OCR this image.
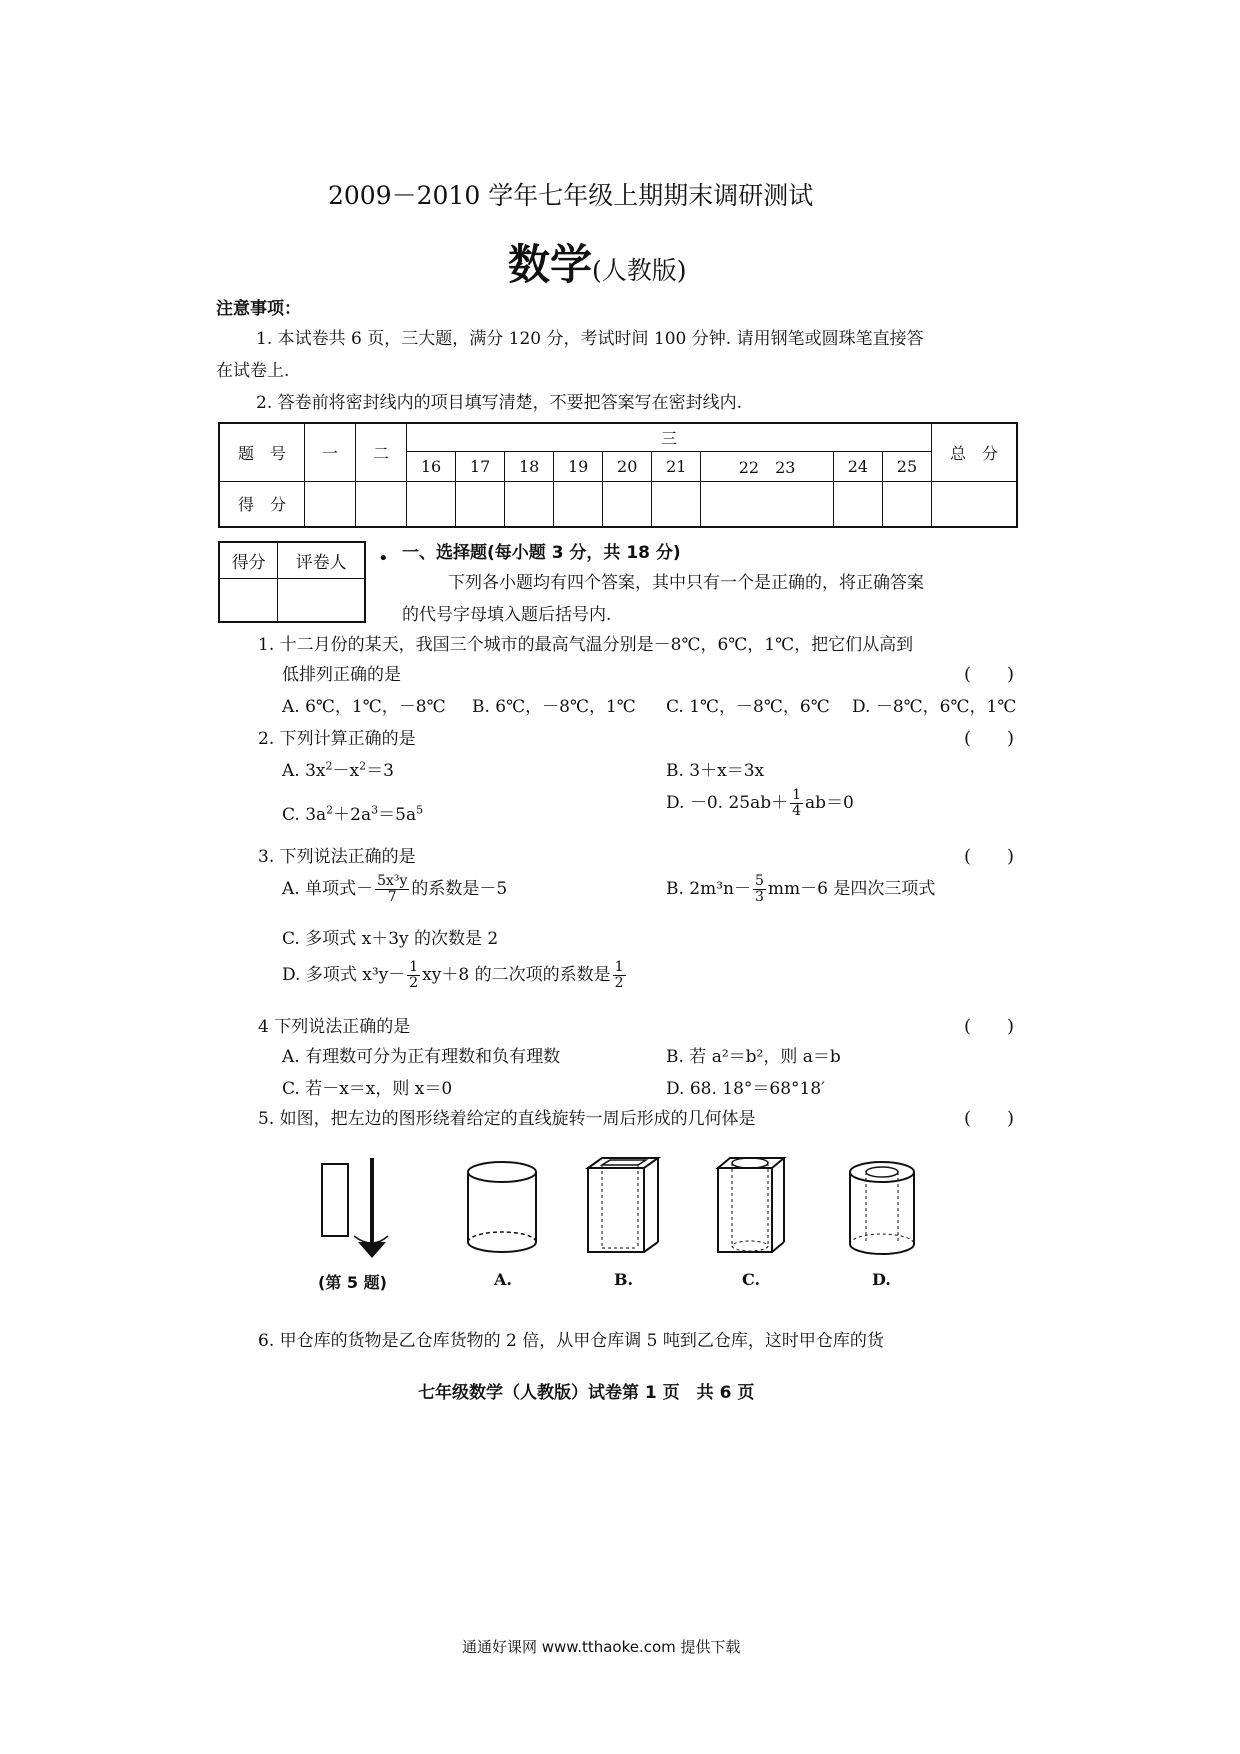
2009－2010 学年七年级上期期末调研测试
数学(人教版)
注意事项：
1. 本试卷共 6 页，三大题，满分 120 分，考试时间 100 分钟. 请用钢笔或圆珠笔直接答
在试卷上.
2. 答卷前将密封线内的项目填写清楚，不要把答案写在密封线内.
题　号	一	二	三									总　分
			16	17	18	19	20	21	22　 23	24	25	
得　分												
得分	评卷人
	• 一、选择题(每小题 3 分，共 18 分)
下列各小题均有四个答案，其中只有一个是正确的，将正确答案
的代号字母填入题后括号内.
1. 十二月份的某天，我国三个城市的最高气温分别是－8℃，6℃，1℃，把它们从高到
低排列正确的是	(　　)
A. 6℃，1℃，－8℃ B. 6℃，－8℃，1℃ C. 1℃，－8℃，6℃ D. －8℃，6℃，1℃
2. 下列计算正确的是	(　　)
A. $3x^2-x^2=3$	B. 3＋x＝3x
C. $3a^2+2a^3=5a^5$	D. －0. $25ab+ \frac{1}{4} ab=0$
3. 下列说法正确的是	(　　)
A. 单项式－ $\frac{\text{5x³y}}{7}$ 的系数是－5	B. $2m^3n- \frac{5}{3} mm-6$ 是四次三项式
C. 多项式 x＋3y 的次数是 2
D. 多项式 $x^3y- \frac{1}{2} xy+8$ 的二次项的系数是 $\frac{1}{2}$
4 下列说法正确的是	(　　)
A. 有理数可分为正有理数和负有理数	B. 若 a²＝b²，则 a＝b
C. 若－x＝x，则 x＝0	D. 68. 18°＝68°18′
5. 如图，把左边的图形绕着给定的直线旋转一周后形成的几何体是	(　　)
(第 5 题)	A.	B.	C.	D.
6. 甲仓库的货物是乙仓库货物的 2 倍，从甲仓库调 5 吨到乙仓库，这时甲仓库的货
七年级数学（人教版）试卷第 1 页　共 6 页
通通好课网 www.tthaoke.com 提供下载
